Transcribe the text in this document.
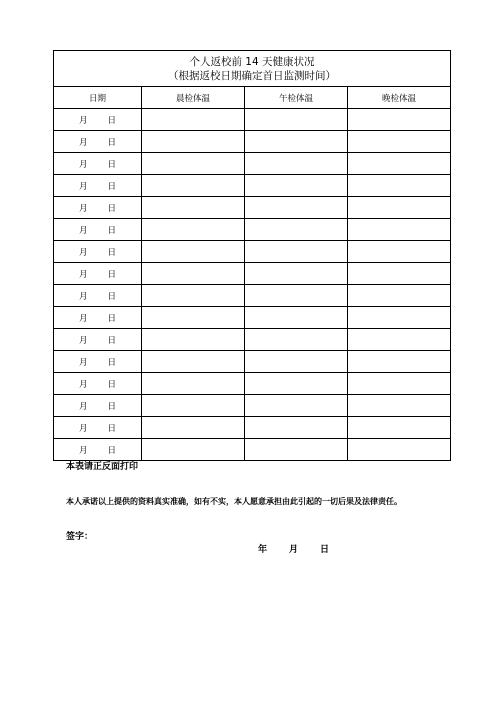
个人返校前 14 天健康状况
（根据返校日期确定首日监测时间）			

日期	晨检体温	午检体温	晚检体温
月 日			
月 日			
月 日			
月 日			
月 日			
月 日			
月 日			
月 日			
月 日			
月 日			
月 日			
月 日			
月 日			
月 日			
月 日			
月 日			
本表请正反面打印
本人承诺以上提供的资料真实准确，如有不实，本人愿意承担由此引起的一切后果及法律责任。
签字：
年 月 日
